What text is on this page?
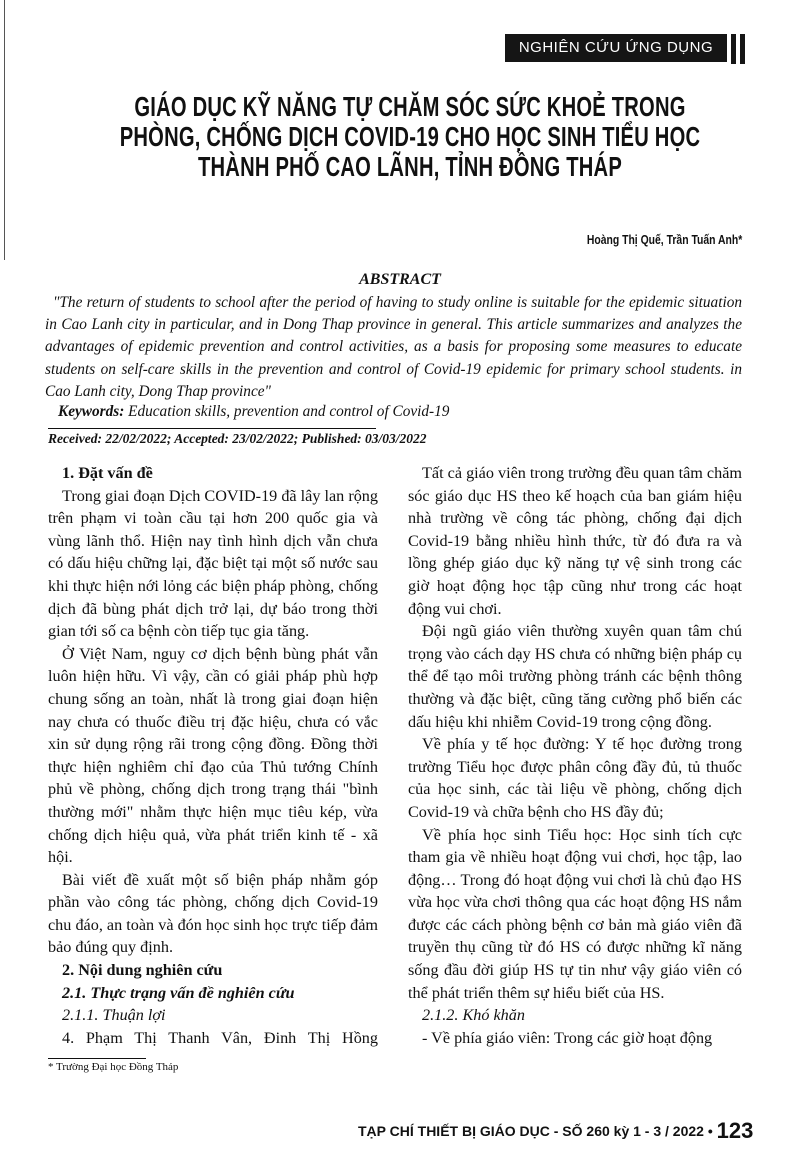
NGHIÊN CỨU ỨNG DỤNG
GIÁO DỤC KỸ NĂNG TỰ CHĂM SÓC SỨC KHOẺ TRONG
PHÒNG, CHỐNG DỊCH COVID-19 CHO HỌC SINH TIỂU HỌC
THÀNH PHỐ CAO LÃNH, TỈNH ĐỒNG THÁP
Hoàng Thị Quế, Trần Tuấn Anh*
ABSTRACT
"The return of students to school after the period of having to study online is suitable for the epidemic situation in Cao Lanh city in particular, and in Dong Thap province in general. This article summarizes and analyzes the advantages of epidemic prevention and control activities, as a basis for proposing some measures to educate students on self-care skills in the prevention and control of Covid-19 epidemic for primary school students. in Cao Lanh city, Dong Thap province"
Keywords: Education skills, prevention and control of Covid-19
Received: 22/02/2022; Accepted: 23/02/2022; Published: 03/03/2022

1. Đặt vấn đề

Trong giai đoạn Dịch COVID-19 đã lây lan rộng trên phạm vi toàn cầu tại hơn 200 quốc gia và vùng lãnh thổ. Hiện nay tình hình dịch vẫn chưa có dấu hiệu chững lại, đặc biệt tại một số nước sau khi thực hiện nới lỏng các biện pháp phòng, chống dịch đã bùng phát dịch trở lại, dự báo trong thời gian tới số ca bệnh còn tiếp tục gia tăng.

Ở Việt Nam, nguy cơ dịch bệnh bùng phát vẫn luôn hiện hữu. Vì vậy, cần có giải pháp phù hợp chung sống an toàn, nhất là trong giai đoạn hiện nay chưa có thuốc điều trị đặc hiệu, chưa có vắc xin sử dụng rộng rãi trong cộng đồng. Đồng thời thực hiện nghiêm chỉ đạo của Thủ tướng Chính phủ về phòng, chống dịch trong trạng thái "bình thường mới" nhằm thực hiện mục tiêu kép, vừa chống dịch hiệu quả, vừa phát triển kinh tế - xã hội.

Bài viết đề xuất một số biện pháp nhằm góp phần vào công tác phòng, chống dịch Covid-19 chu đáo, an toàn và đón học sinh học trực tiếp đảm bảo đúng quy định.

2. Nội dung nghiên cứu

2.1. Thực trạng vấn đề nghiên cứu

2.1.1. Thuận lợi

4. Phạm Thị Thanh Vân, Đinh Thị Hồng

Tất cả giáo viên trong trường đều quan tâm chăm sóc giáo dục HS theo kế hoạch của ban giám hiệu nhà trường về công tác phòng, chống đại dịch Covid-19 bằng nhiều hình thức, từ đó đưa ra và lồng ghép giáo dục kỹ năng tự vệ sinh trong các giờ hoạt động học tập cũng như trong các hoạt động vui chơi.

Đội ngũ giáo viên thường xuyên quan tâm chú trọng vào cách dạy HS chưa có những biện pháp cụ thể để tạo môi trường phòng tránh các bệnh thông thường và đặc biệt, cũng tăng cường phổ biến các dấu hiệu khi nhiễm Covid-19 trong cộng đồng.

Về phía y tế học đường: Y tế học đường trong trường Tiểu học được phân công đầy đủ, tủ thuốc của học sinh, các tài liệu về phòng, chống dịch Covid-19 và chữa bệnh cho HS đầy đủ;

Về phía học sinh Tiểu học: Học sinh tích cực tham gia về nhiều hoạt động vui chơi, học tập, lao động… Trong đó hoạt động vui chơi là chủ đạo HS vừa học vừa chơi thông qua các hoạt động HS nắm được các cách phòng bệnh cơ bản mà giáo viên đã truyền thụ cũng từ đó HS có được những kĩ năng sống đầu đời giúp HS tự tin như vậy giáo viên có thể phát triển thêm sự hiểu biết của HS.

2.1.2. Khó khăn

- Về phía giáo viên: Trong các giờ hoạt động

* Trường Đại học Đồng Tháp
TẠP CHÍ THIẾT BỊ GIÁO DỤC - SỐ 260 kỳ 1 - 3 / 2022 • 123
